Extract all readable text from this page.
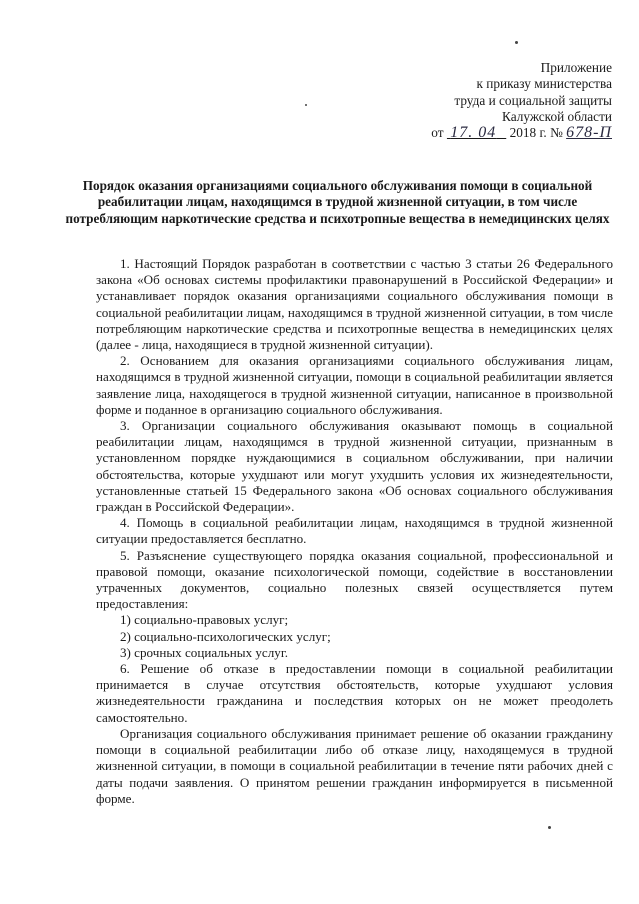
Приложение
к приказу министерства
труда и социальной защиты
Калужской области
от 17. 04 2018 г. № 678-П
Порядок оказания организациями социального обслуживания помощи в социальной реабилитации лицам, находящимся в трудной жизненной ситуации, в том числе потребляющим наркотические средства и психотропные вещества в немедицинских целях

1. Настоящий Порядок разработан в соответствии с частью 3 статьи 26 Федерального закона «Об основах системы профилактики правонарушений в Российской Федерации» и устанавливает порядок оказания организациями социального обслуживания помощи в социальной реабилитации лицам, находящимся в трудной жизненной ситуации, в том числе потребляющим наркотические средства и психотропные вещества в немедицинских целях (далее - лица, находящиеся в трудной жизненной ситуации).

2. Основанием для оказания организациями социального обслуживания лицам, находящимся в трудной жизненной ситуации, помощи в социальной реабилитации является заявление лица, находящегося в трудной жизненной ситуации, написанное в произвольной форме и поданное в организацию социального обслуживания.

3. Организации социального обслуживания оказывают помощь в социальной реабилитации лицам, находящимся в трудной жизненной ситуации, признанным в установленном порядке нуждающимися в социальном обслуживании, при наличии обстоятельства, которые ухудшают или могут ухудшить условия их жизнедеятельности, установленные статьей 15 Федерального закона «Об основах социального обслуживания граждан в Российской Федерации».

4. Помощь в социальной реабилитации лицам, находящимся в трудной жизненной ситуации предоставляется бесплатно.

5. Разъяснение существующего порядка оказания социальной, профессиональной и правовой помощи, оказание психологической помощи, содействие в восстановлении утраченных документов, социально полезных связей осуществляется путем предоставления:

1) социально-правовых услуг;

2) социально-психологических услуг;

3) срочных социальных услуг.

6. Решение об отказе в предоставлении помощи в социальной реабилитации принимается в случае отсутствия обстоятельств, которые ухудшают условия жизнедеятельности гражданина и последствия которых он не может преодолеть самостоятельно.

Организация социального обслуживания принимает решение об оказании гражданину помощи в социальной реабилитации либо об отказе лицу, находящемуся в трудной жизненной ситуации, в помощи в социальной реабилитации в течение пяти рабочих дней с даты подачи заявления. О принятом решении гражданин информируется в письменной форме.
